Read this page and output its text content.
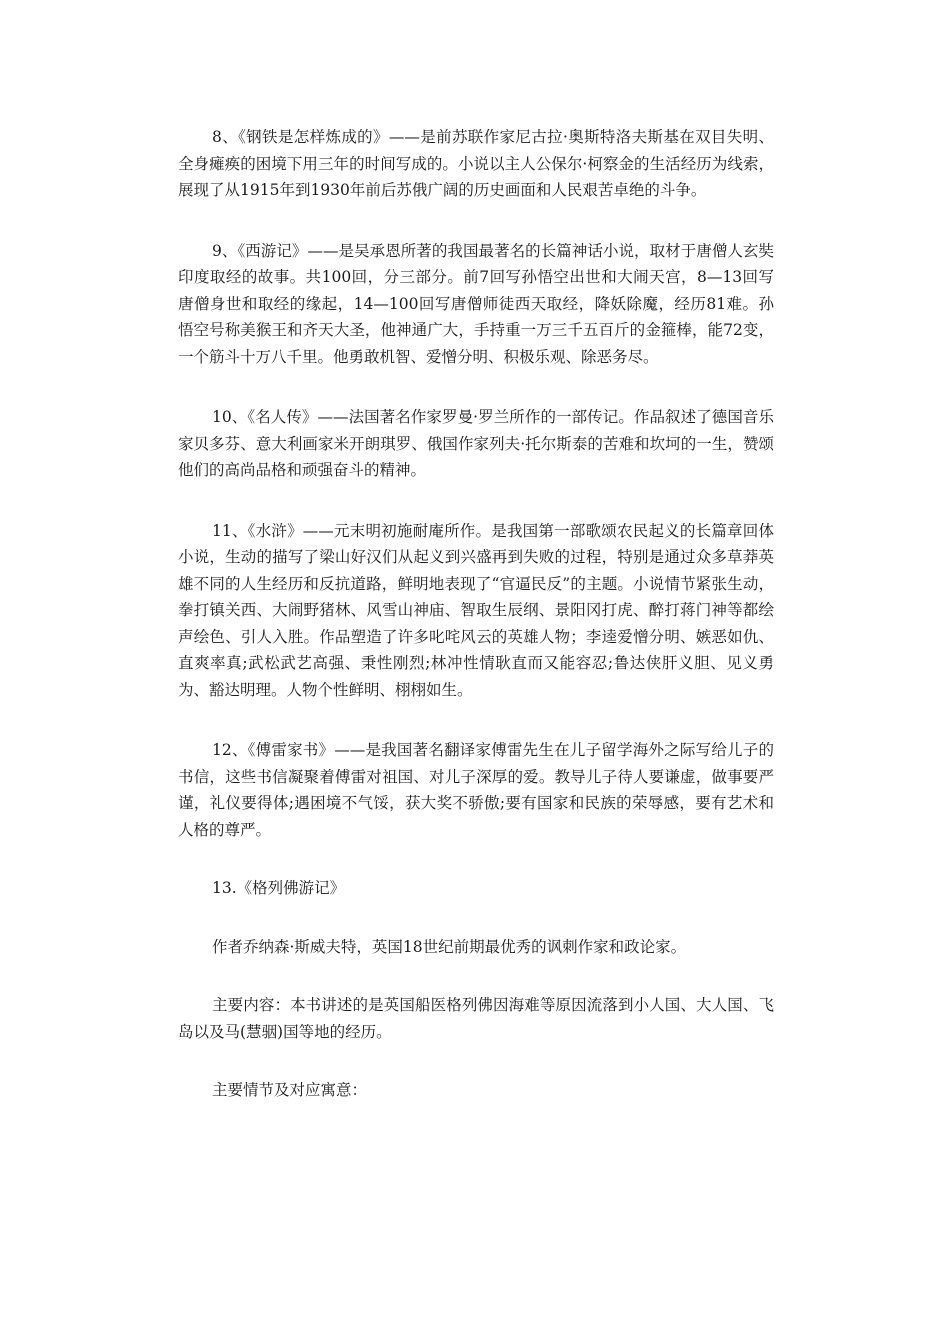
8、《钢铁是怎样炼成的》——是前苏联作家尼古拉·奥斯特洛夫斯基在双目失明、全身瘫痪的困境下用三年的时间写成的。小说以主人公保尔·柯察金的生活经历为线索，展现了从1915年到1930年前后苏俄广阔的历史画面和人民艰苦卓绝的斗争。

9、《西游记》——是吴承恩所著的我国最著名的长篇神话小说，取材于唐僧人玄奘印度取经的故事。共100回，分三部分。前7回写孙悟空出世和大闹天宫，8—13回写唐僧身世和取经的缘起，14—100回写唐僧师徒西天取经，降妖除魔，经历81难。孙悟空号称美猴王和齐天大圣，他神通广大，手持重一万三千五百斤的金箍棒，能72变，一个筋斗十万八千里。他勇敢机智、爱憎分明、积极乐观、除恶务尽。

10、《名人传》——法国著名作家罗曼·罗兰所作的一部传记。作品叙述了德国音乐家贝多芬、意大利画家米开朗琪罗、俄国作家列夫·托尔斯泰的苦难和坎坷的一生，赞颂他们的高尚品格和顽强奋斗的精神。

11、《水浒》——元末明初施耐庵所作。是我国第一部歌颂农民起义的长篇章回体小说，生动的描写了梁山好汉们从起义到兴盛再到失败的过程，特别是通过众多草莽英雄不同的人生经历和反抗道路，鲜明地表现了“官逼民反”的主题。小说情节紧张生动，拳打镇关西、大闹野猪林、风雪山神庙、智取生辰纲、景阳冈打虎、醉打蒋门神等都绘声绘色、引人入胜。作品塑造了许多叱咤风云的英雄人物；李逵爱憎分明、嫉恶如仇、直爽率真;武松武艺高强、秉性刚烈;林冲性情耿直而又能容忍;鲁达侠肝义胆、见义勇为、豁达明理。人物个性鲜明、栩栩如生。

12、《傅雷家书》——是我国著名翻译家傅雷先生在儿子留学海外之际写给儿子的书信，这些书信凝聚着傅雷对祖国、对儿子深厚的爱。教导儿子待人要谦虚，做事要严谨，礼仪要得体;遇困境不气馁，获大奖不骄傲;要有国家和民族的荣辱感，要有艺术和人格的尊严。

13.《格列佛游记》

作者乔纳森·斯威夫特，英国18世纪前期最优秀的讽刺作家和政论家。

主要内容：本书讲述的是英国船医格列佛因海难等原因流落到小人国、大人国、飞岛以及马(慧骃)国等地的经历。

主要情节及对应寓意：
